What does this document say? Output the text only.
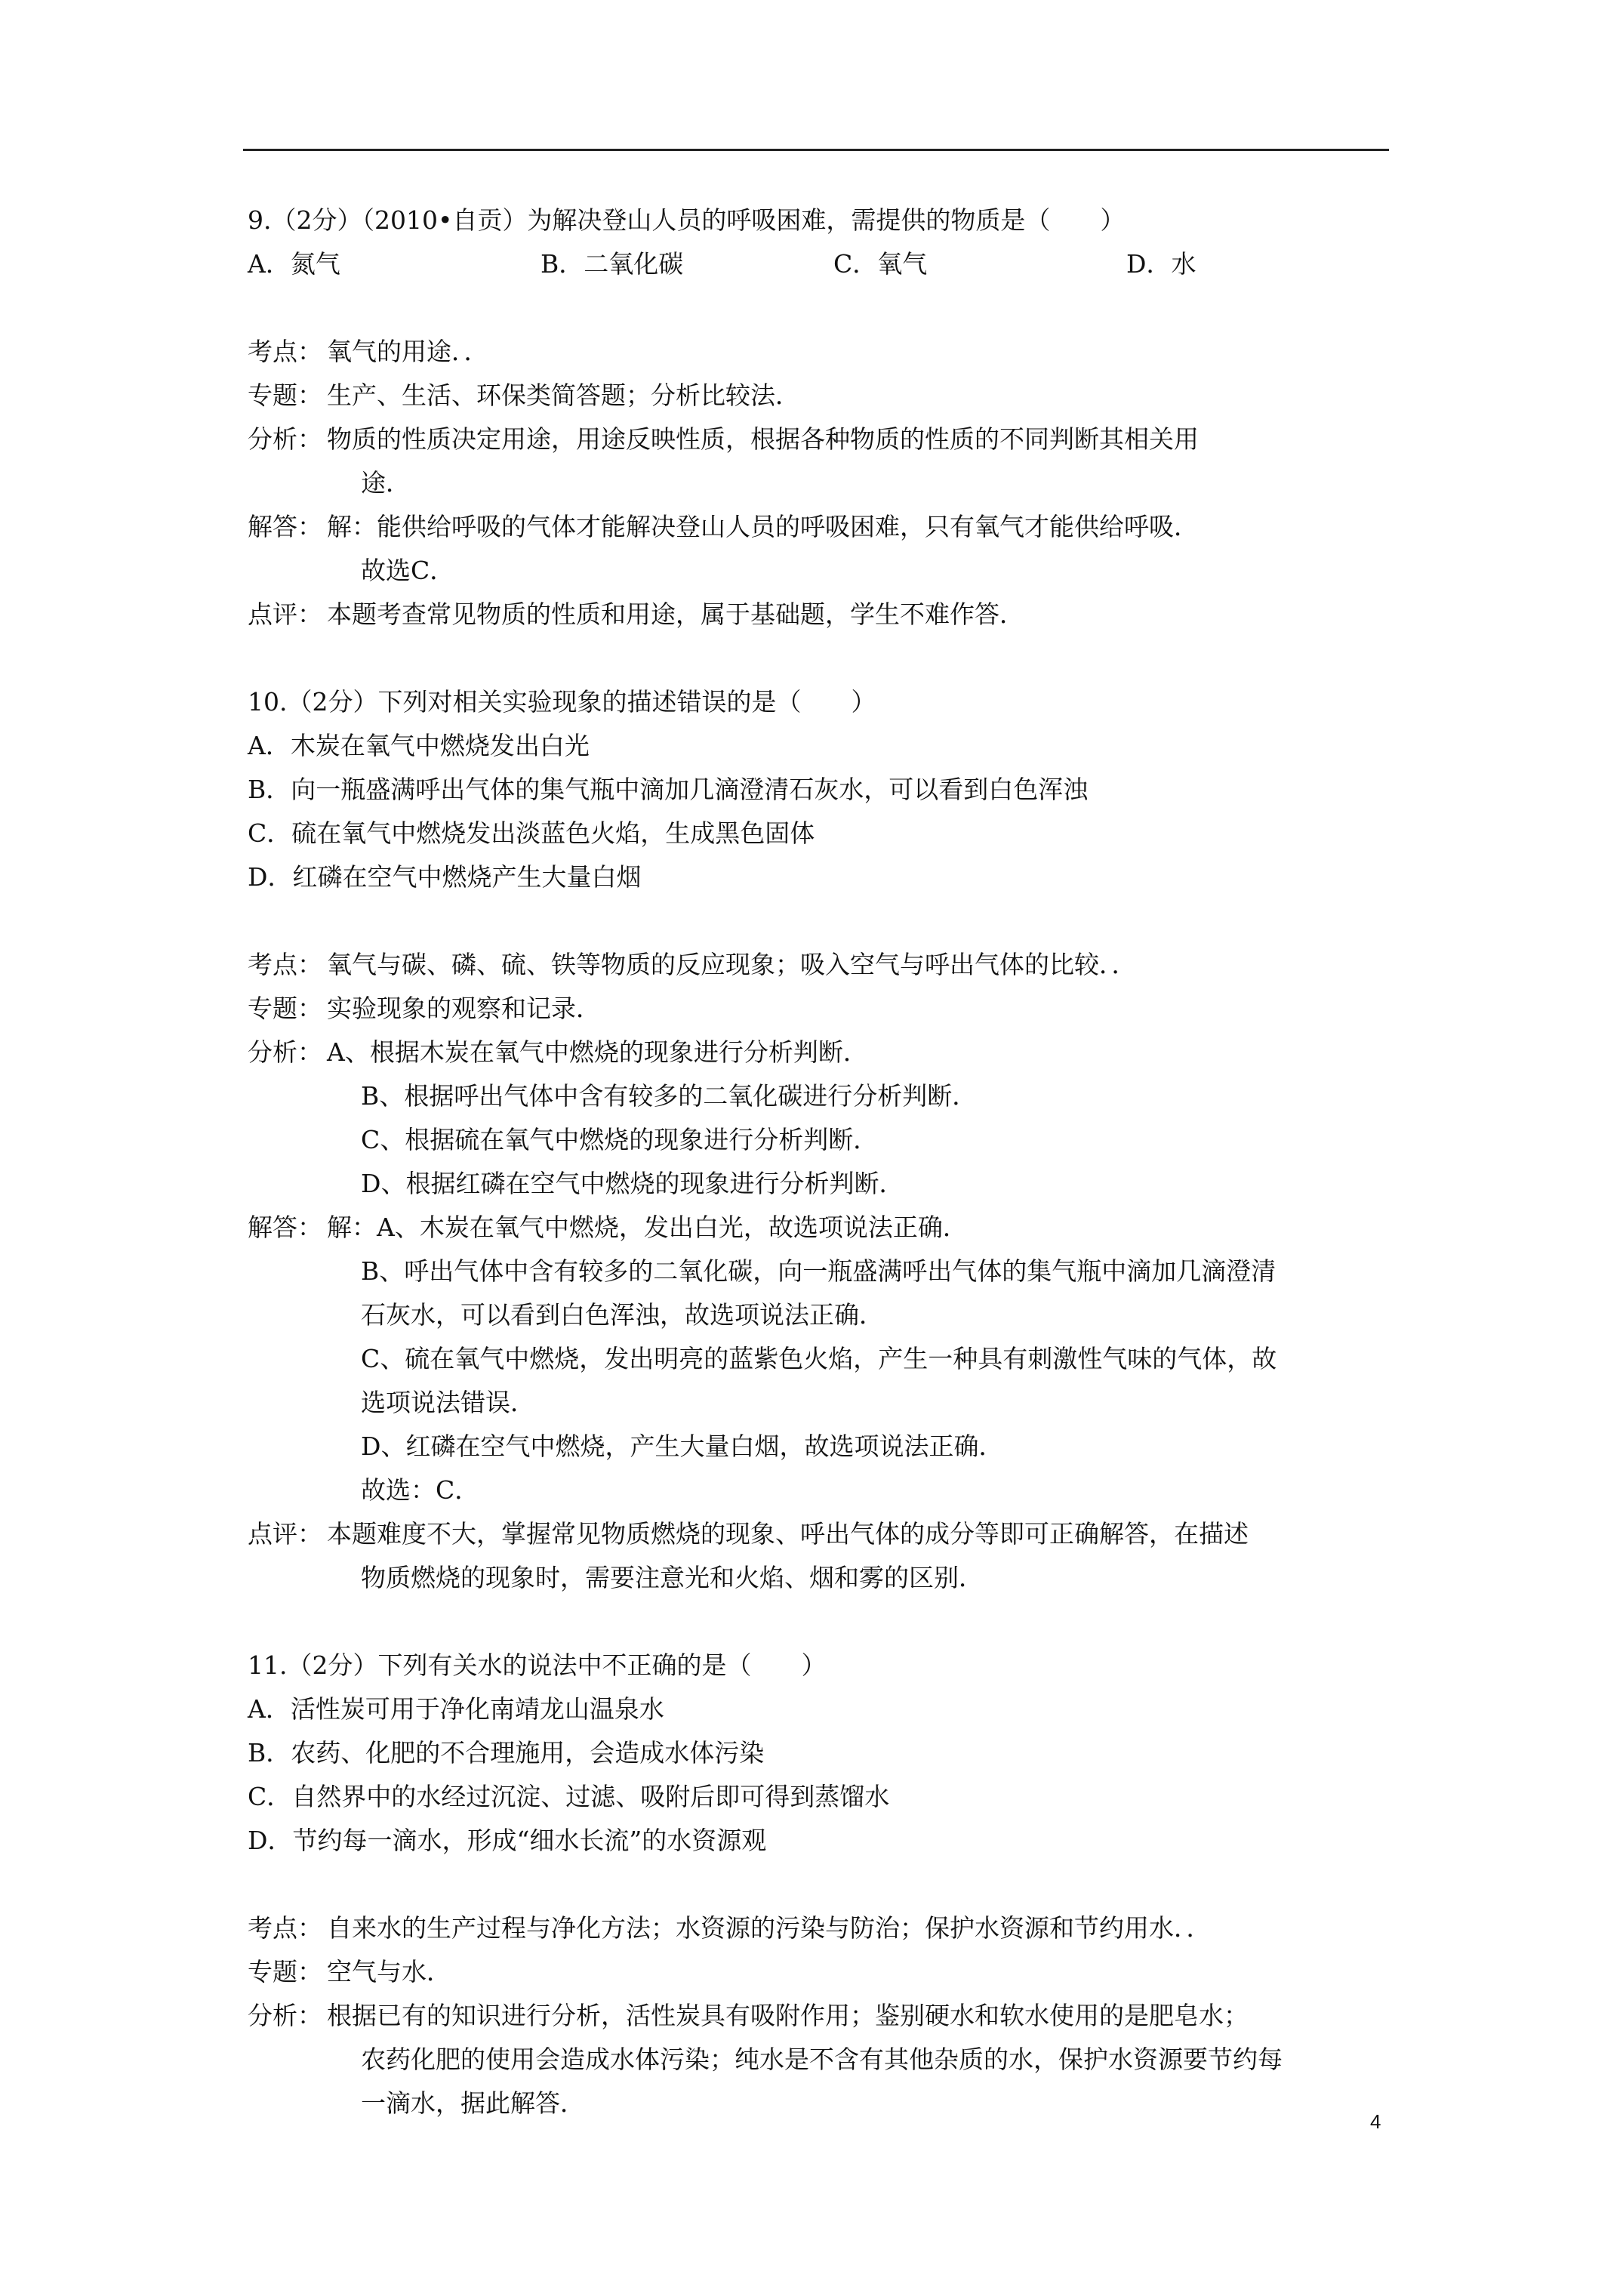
9.（2分）（2010•自贡）为解决登山人员的呼吸困难，需提供的物质是（　　）
A．氮气	B．二氧化碳	C．氧气	D．水
考点： 氧气的用途．．
专题： 生产、生活、环保类简答题；分析比较法．
分析： 物质的性质决定用途，用途反映性质，根据各种物质的性质的不同判断其相关用
途．
解答： 解：能供给呼吸的气体才能解决登山人员的呼吸困难，只有氧气才能供给呼吸．
故选C．
点评： 本题考查常见物质的性质和用途，属于基础题，学生不难作答．
10.（2分）下列对相关实验现象的描述错误的是（　　）
A．木炭在氧气中燃烧发出白光
B．向一瓶盛满呼出气体的集气瓶中滴加几滴澄清石灰水，可以看到白色浑浊
C．硫在氧气中燃烧发出淡蓝色火焰，生成黑色固体
D．红磷在空气中燃烧产生大量白烟
考点： 氧气与碳、磷、硫、铁等物质的反应现象；吸入空气与呼出气体的比较．．
专题： 实验现象的观察和记录．
分析： A、根据木炭在氧气中燃烧的现象进行分析判断．
B、根据呼出气体中含有较多的二氧化碳进行分析判断．
C、根据硫在氧气中燃烧的现象进行分析判断．
D、根据红磷在空气中燃烧的现象进行分析判断．
解答： 解：A、木炭在氧气中燃烧，发出白光，故选项说法正确．
B、呼出气体中含有较多的二氧化碳，向一瓶盛满呼出气体的集气瓶中滴加几滴澄清
石灰水，可以看到白色浑浊，故选项说法正确．
C、硫在氧气中燃烧，发出明亮的蓝紫色火焰，产生一种具有刺激性气味的气体，故
选项说法错误．
D、红磷在空气中燃烧，产生大量白烟，故选项说法正确．
故选：C．
点评： 本题难度不大，掌握常见物质燃烧的现象、呼出气体的成分等即可正确解答，在描述
物质燃烧的现象时，需要注意光和火焰、烟和雾的区别．
11.（2分）下列有关水的说法中不正确的是（　　）
A．活性炭可用于净化南靖龙山温泉水
B．农药、化肥的不合理施用，会造成水体污染
C．自然界中的水经过沉淀、过滤、吸附后即可得到蒸馏水
D．节约每一滴水，形成“细水长流”的水资源观
考点： 自来水的生产过程与净化方法；水资源的污染与防治；保护水资源和节约用水．．
专题： 空气与水．
分析： 根据已有的知识进行分析，活性炭具有吸附作用；鉴别硬水和软水使用的是肥皂水；
农药化肥的使用会造成水体污染；纯水是不含有其他杂质的水，保护水资源要节约每
一滴水，据此解答．
4
